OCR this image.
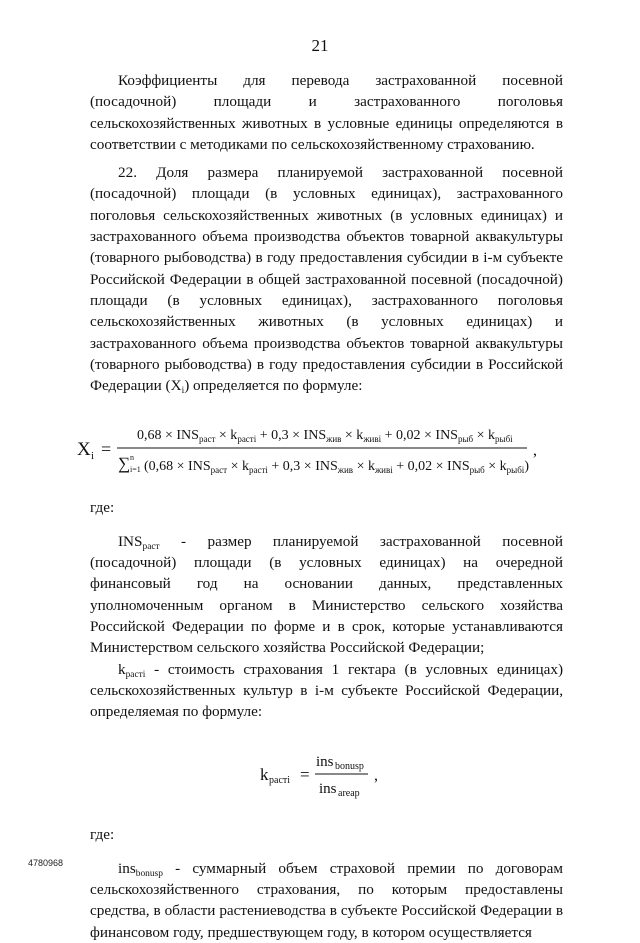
21

Коэффициенты для перевода застрахованной посевной (посадочной) площади и застрахованного поголовья сельскохозяйственных животных в условные единицы определяются в соответствии с методиками по сельскохозяйственному страхованию.

22. Доля размера планируемой застрахованной посевной (посадочной) площади (в условных единицах), застрахованного поголовья сельскохозяйственных животных (в условных единицах) и застрахованного объема производства объектов товарной аквакультуры (товарного рыбоводства) в году предоставления субсидии в i-м субъекте Российской Федерации в общей застрахованной посевной (посадочной) площади (в условных единицах), застрахованного поголовья сельскохозяйственных животных (в условных единицах) и застрахованного объема производства объектов товарной аквакультуры (товарного рыбоводства) в году предоставления субсидии в Российской Федерации $(X_i)$ определяется по формуле:

X i =
$0,68 \times INS_{раст} \times k_{растi} + 0,3 \times INS_{жив} \times k_{живi} + 0,02 \times INS_{рыб} \times k_{рыбi}$
∑ n
i=1 $(0,68 \times INS_{раст} \times k_{растi} + 0,3 \times INS_{жив} \times k_{живi} + 0,02 \times INS_{рыб} \times k_{рыбi})$
,

где:

$INS_{раст}$ - размер планируемой застрахованной посевной (посадочной) площади (в условных единицах) на очередной финансовый год на основании данных, представленных уполномоченным органом в Министерство сельского хозяйства Российской Федерации по форме и в срок, которые устанавливаются Министерством сельского хозяйства Российской Федерации;

$k_{растi}$ - стоимость страхования 1 гектара (в условных единицах) сельскохозяйственных культур в i-м субъекте Российской Федерации, определяемая по формуле:

k растi =
ins bonusp
ins areap
,

где:

ins$_{bonusp}$ - суммарный объем страховой премии по договорам сельскохозяйственного страхования, по которым предоставлены средства, в области растениеводства в субъекте Российской Федерации в финансовом году, предшествующем году, в котором осуществляется

4780968
